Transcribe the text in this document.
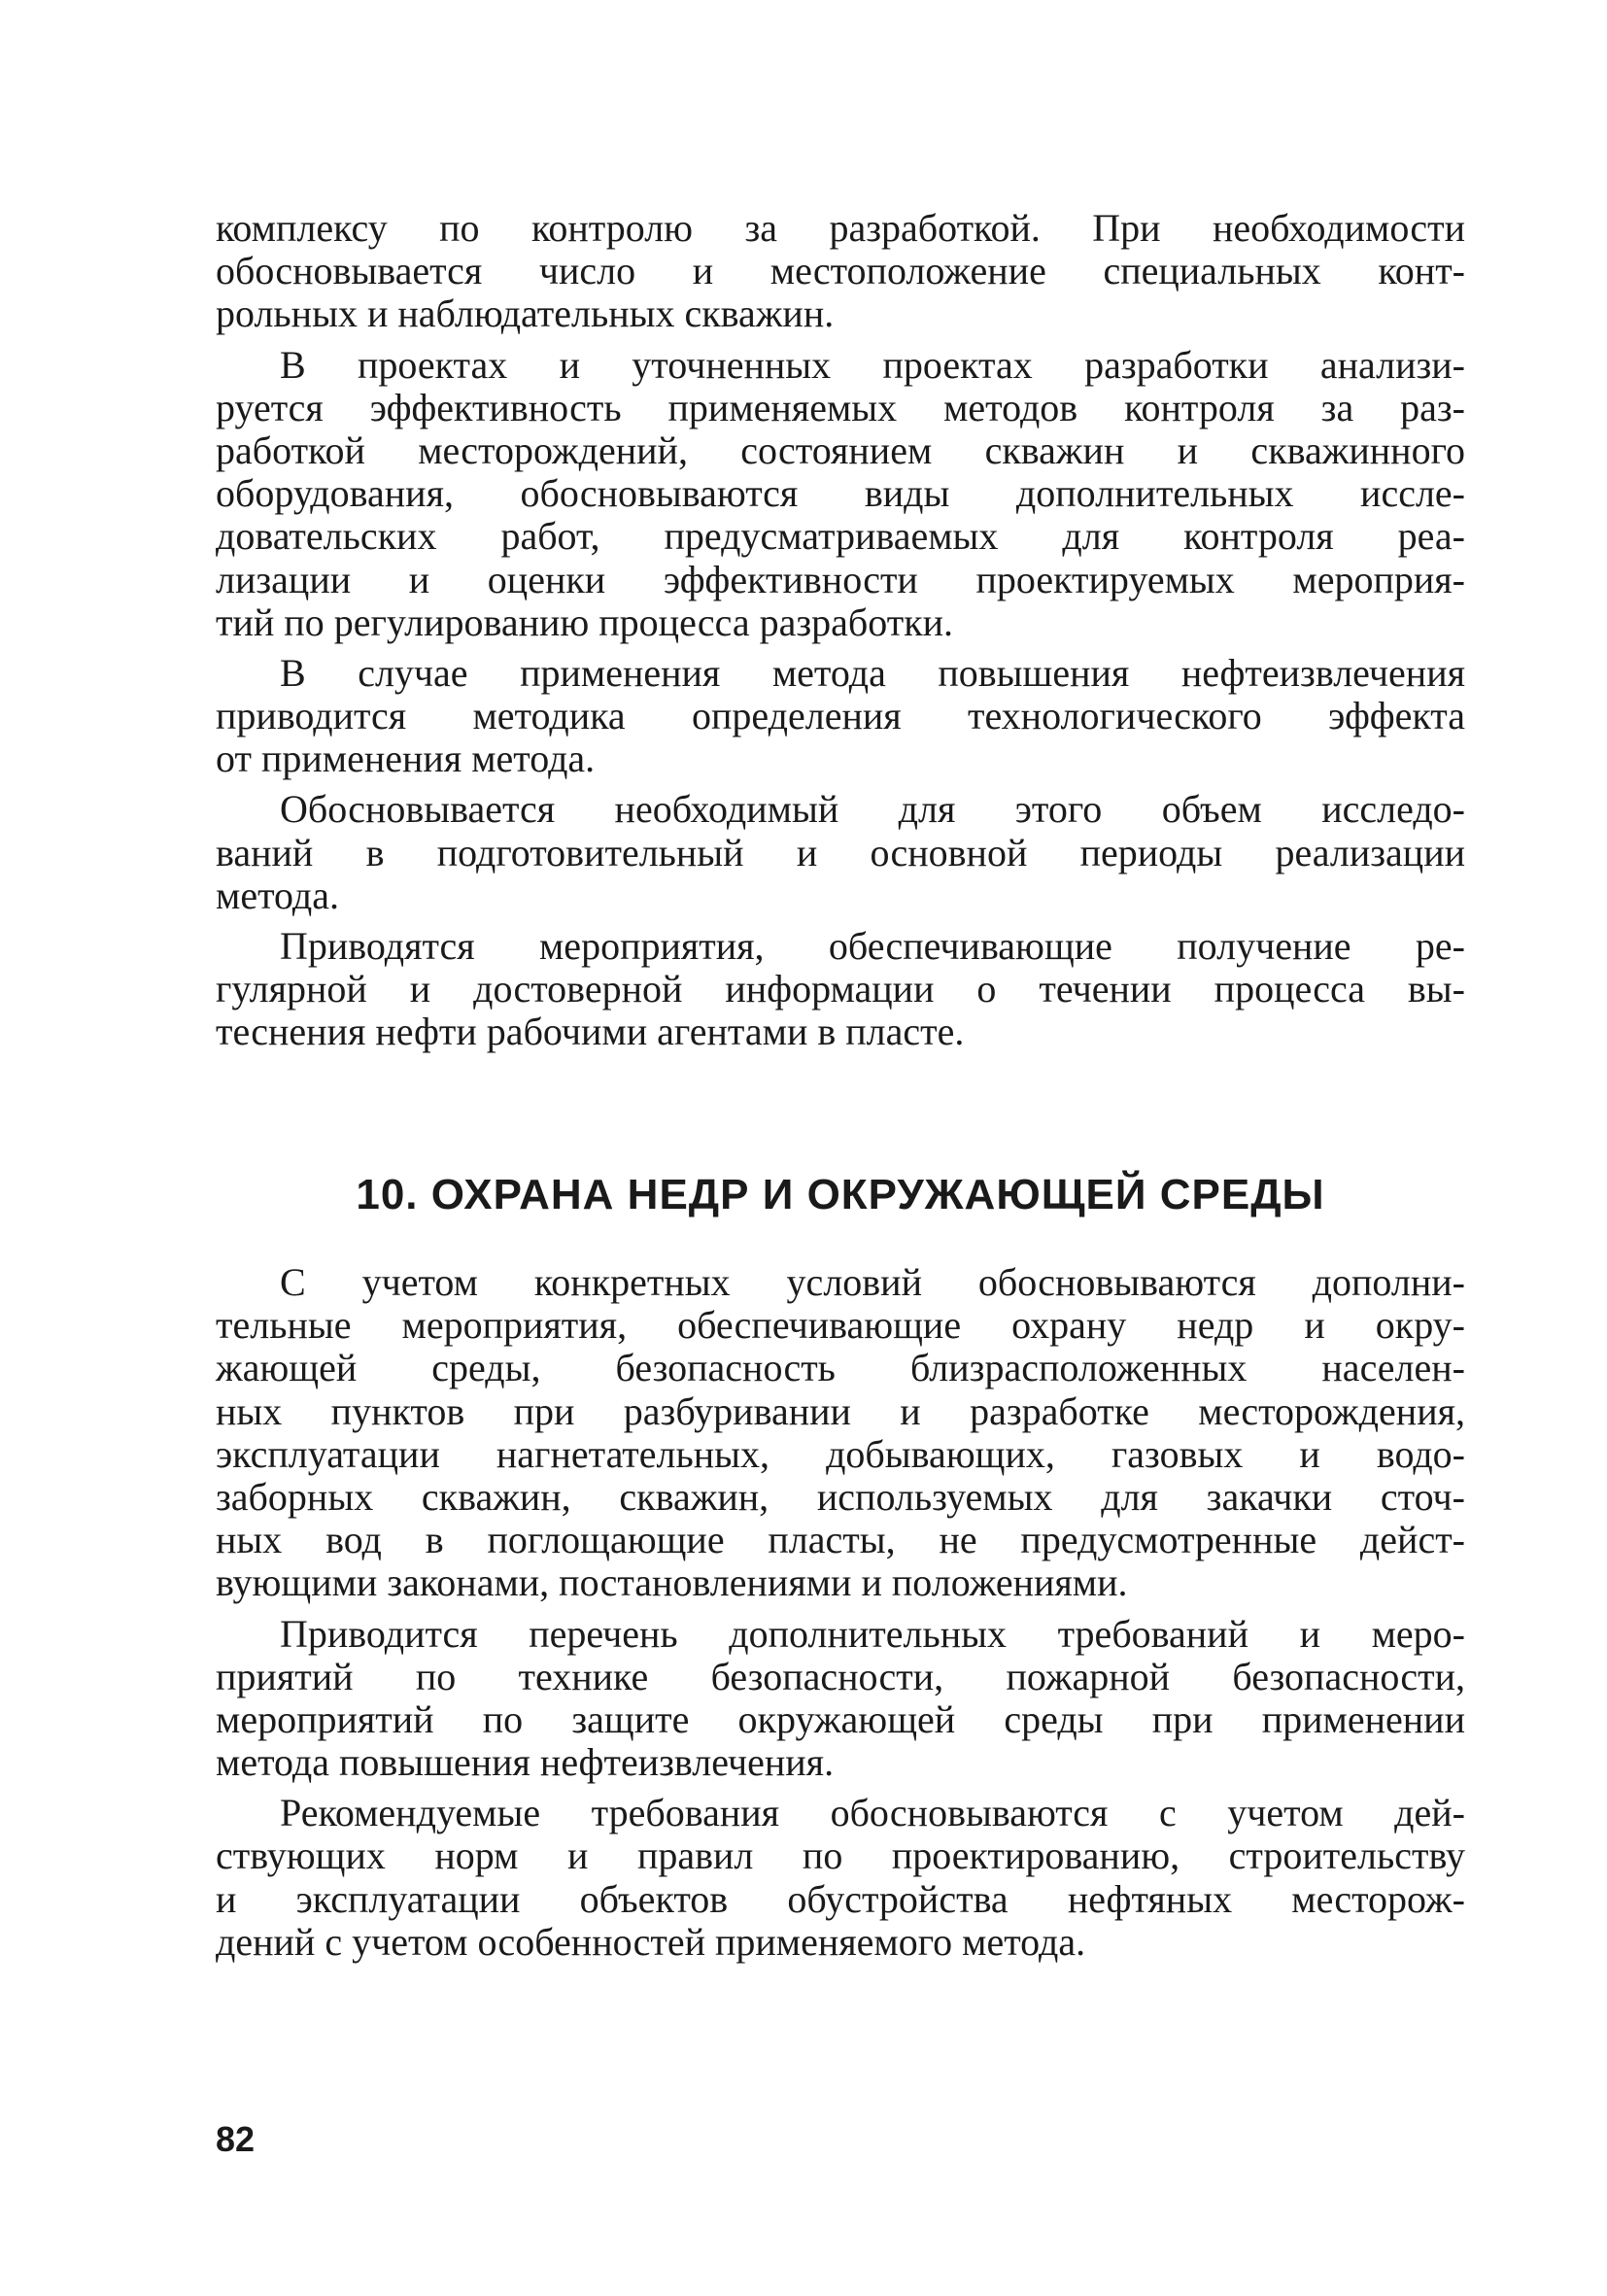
комплексу по контролю за разработкой. При необходимости
обосновывается число и местоположение специальных конт-
рольных и наблюдательных скважин.
В проектах и уточненных проектах разработки анализи-
руется эффективность применяемых методов контроля за раз-
работкой месторождений, состоянием скважин и скважинного
оборудования, обосновываются виды дополнительных иссле-
довательских работ, предусматриваемых для контроля реа-
лизации и оценки эффективности проектируемых мероприя-
тий по регулированию процесса разработки.
В случае применения метода повышения нефтеизвлечения
приводится методика определения технологического эффекта
от применения метода.
Обосновывается необходимый для этого объем исследо-
ваний в подготовительный и основной периоды реализации
метода.
Приводятся мероприятия, обеспечивающие получение ре-
гулярной и достоверной информации о течении процесса вы-
теснения нефти рабочими агентами в пласте.
10. ОХРАНА НЕДР И ОКРУЖАЮЩЕЙ СРЕДЫ
С учетом конкретных условий обосновываются дополни-
тельные мероприятия, обеспечивающие охрану недр и окру-
жающей среды, безопасность близрасположенных населен-
ных пунктов при разбуривании и разработке месторождения,
эксплуатации нагнетательных, добывающих, газовых и водо-
заборных скважин, скважин, используемых для закачки сточ-
ных вод в поглощающие пласты, не предусмотренные дейст-
вующими законами, постановлениями и положениями.
Приводится перечень дополнительных требований и меро-
приятий по технике безопасности, пожарной безопасности,
мероприятий по защите окружающей среды при применении
метода повышения нефтеизвлечения.
Рекомендуемые требования обосновываются с учетом дей-
ствующих норм и правил по проектированию, строительству
и эксплуатации объектов обустройства нефтяных месторож-
дений с учетом особенностей применяемого метода.
82
